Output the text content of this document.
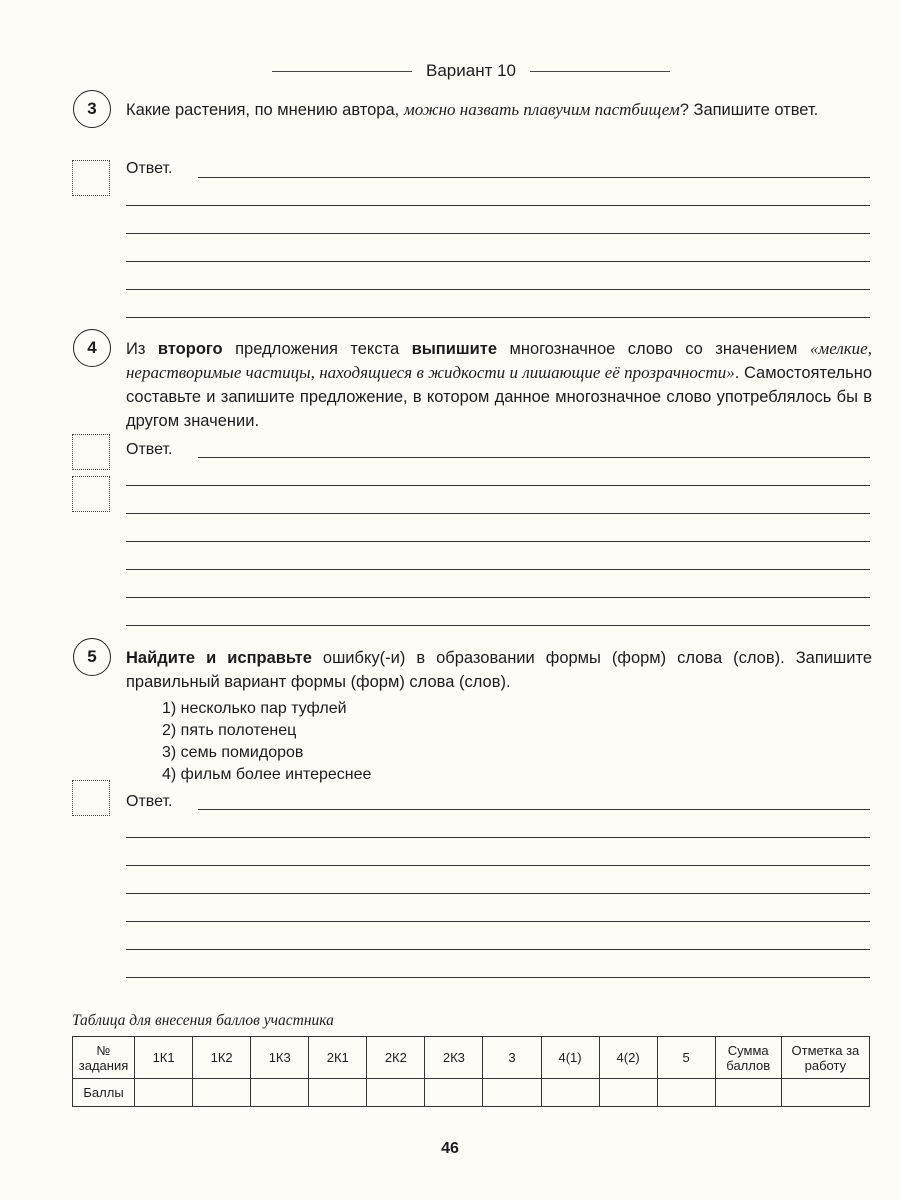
Вариант 10
3	Какие растения, по мнению автора, можно назвать плавучим пастбищем? Запишите ответ.
Ответ.
4	Из второго предложения текста выпишите многозначное слово со значением «мелкие, нерастворимые частицы, находящиеся в жидкости и лишающие её прозрачности». Самостоятельно составьте и запишите предложение, в котором данное многозначное слово употреблялось бы в другом значении.
Ответ.
5	Найдите и исправьте ошибку(-и) в образовании формы (форм) слова (слов). Запишите правильный вариант формы (форм) слова (слов).
1) несколько пар туфлей
2) пять полотенец
3) семь помидоров
4) фильм более интереснее
Ответ.
Таблица для внесения баллов участника
№ задания	1К1	1К2	1К3	2К1	2К2	2К3	3	4(1)	4(2)	5	Сумма баллов	Отметка за работу
Баллы												
46
